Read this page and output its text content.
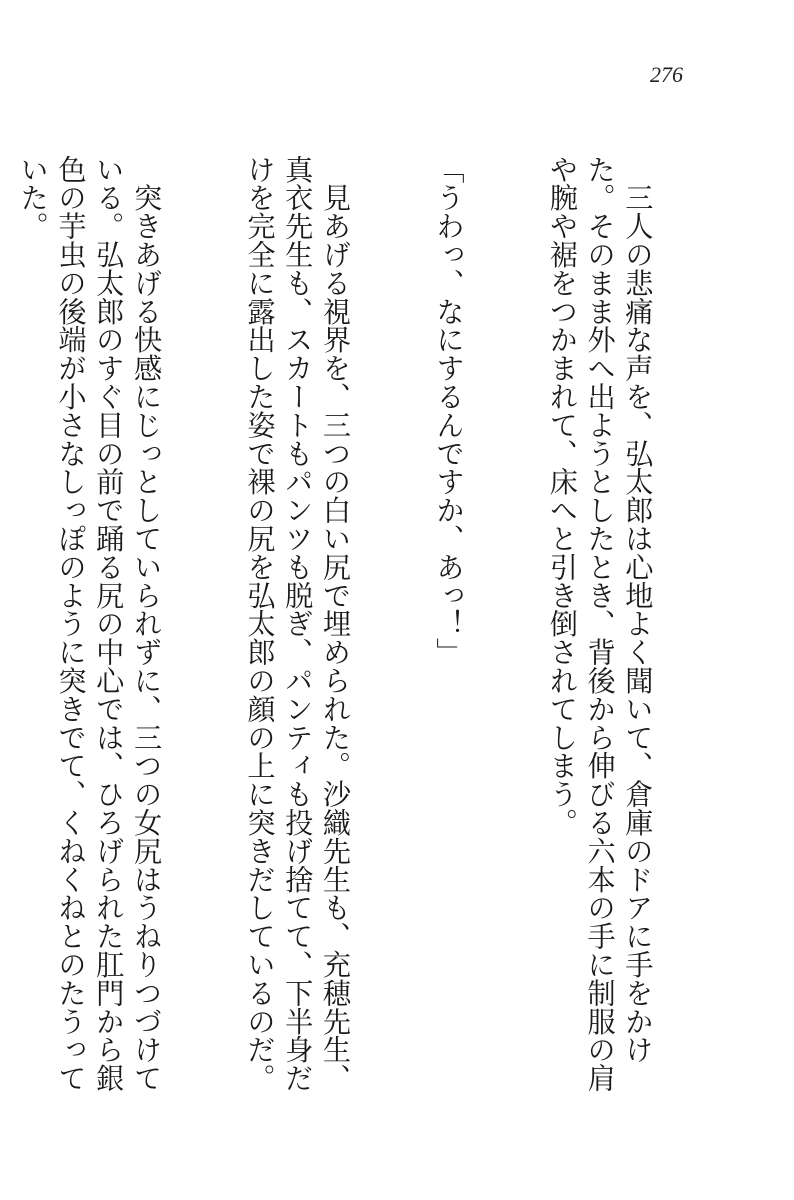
276

　三人の悲痛な声を、弘太郎は心地よく聞いて、倉庫のドアに手をかけた。そのまま外へ出ようとしたとき、背後から伸びる六本の手に制服の肩や腕や裾をつかまれて、床へと引き倒されてしまう。

「うわっ、なにするんですか、あっ！」

　見あげる視界を、三つの白い尻で埋められた。沙織先生も、充穂先生、真衣先生も、スカートもパンツも脱ぎ、パンティも投げ捨てて、下半身だけを完全に露出した姿で裸の尻を弘太郎の顔の上に突きだしているのだ。

　突きあげる快感にじっとしていられずに、三つの女尻はうねりつづけている。弘太郎のすぐ目の前で踊る尻の中心では、ひろげられた肛門から銀色の芋虫の後端が小さなしっぽのように突きでて、くねくねとのたうっていた。
